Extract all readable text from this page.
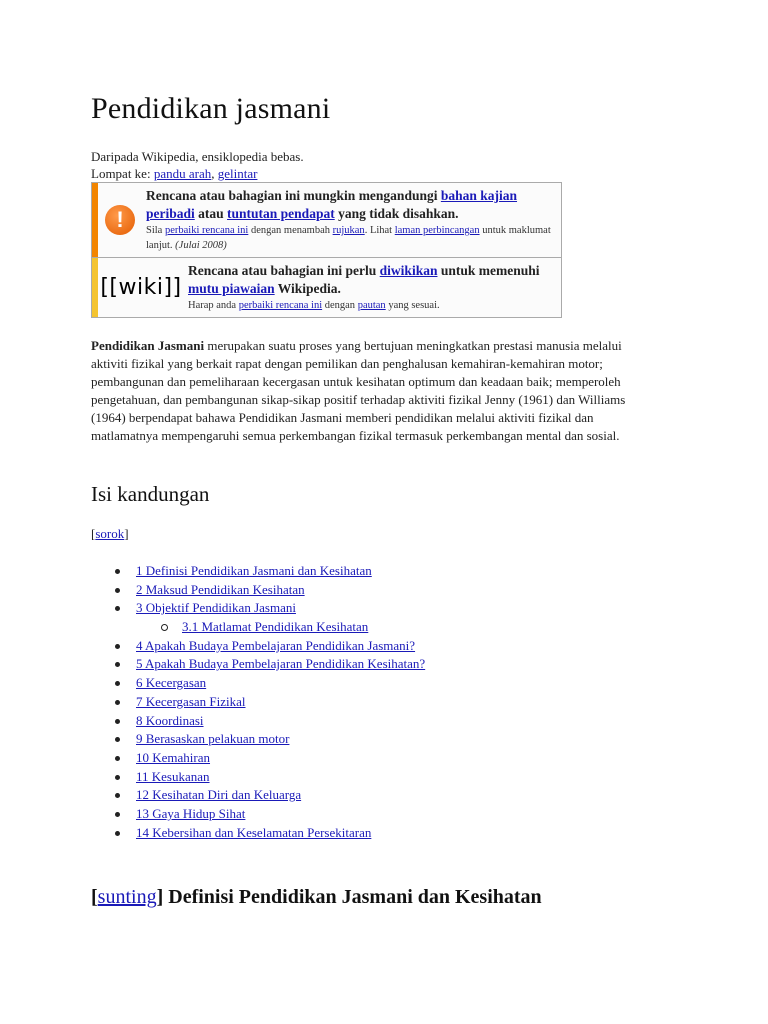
Pendidikan jasmani
Daripada Wikipedia, ensiklopedia bebas.
Lompat ke: pandu arah, gelintar
!
Rencana atau bahagian ini mungkin mengandungi bahan kajian peribadi atau tuntutan pendapat yang tidak disahkan.
Sila perbaiki rencana ini dengan menambah rujukan. Lihat laman perbincangan untuk maklumat lanjut. (Julai 2008)
[[wiki]]
Rencana atau bahagian ini perlu diwikikan untuk memenuhi mutu piawaian Wikipedia.
Harap anda perbaiki rencana ini dengan pautan yang sesuai.

Pendidikan Jasmani merupakan suatu proses yang bertujuan meningkatkan prestasi manusia melalui aktiviti fizikal yang berkait rapat dengan pemilikan dan penghalusan kemahiran-kemahiran motor; pembangunan dan pemeliharaan kecergasan untuk kesihatan optimum dan keadaan baik; memperoleh pengetahuan, dan pembangunan sikap-sikap positif terhadap aktiviti fizikal Jenny (1961) dan Williams (1964) berpendapat bahawa Pendidikan Jasmani memberi pendidikan melalui aktiviti fizikal dan matlamatnya mempengaruhi semua perkembangan fizikal termasuk perkembangan mental dan sosial.

Isi kandungan
[sorok]
1 Definisi Pendidikan Jasmani dan Kesihatan
2 Maksud Pendidikan Kesihatan
3 Objektif Pendidikan Jasmani
3.1 Matlamat Pendidikan Kesihatan
4 Apakah Budaya Pembelajaran Pendidikan Jasmani?
5 Apakah Budaya Pembelajaran Pendidikan Kesihatan?
6 Kecergasan
7 Kecergasan Fizikal
8 Koordinasi
9 Berasaskan pelakuan motor
10 Kemahiran
11 Kesukanan
12 Kesihatan Diri dan Keluarga
13 Gaya Hidup Sihat
14 Kebersihan dan Keselamatan Persekitaran
[sunting] Definisi Pendidikan Jasmani dan Kesihatan
